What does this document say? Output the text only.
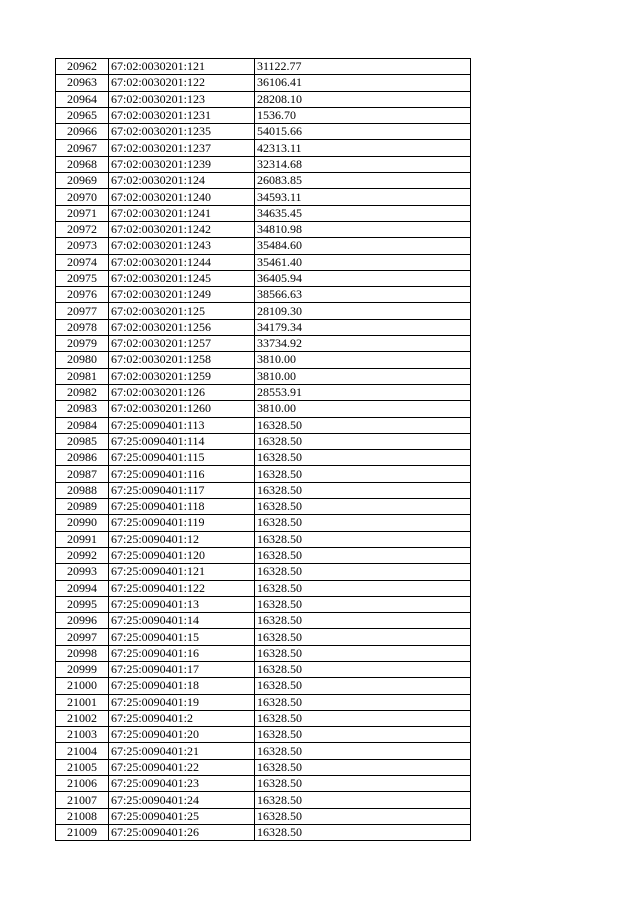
20962	67:02:0030201:121	31122.77
20963	67:02:0030201:122	36106.41
20964	67:02:0030201:123	28208.10
20965	67:02:0030201:1231	1536.70
20966	67:02:0030201:1235	54015.66
20967	67:02:0030201:1237	42313.11
20968	67:02:0030201:1239	32314.68
20969	67:02:0030201:124	26083.85
20970	67:02:0030201:1240	34593.11
20971	67:02:0030201:1241	34635.45
20972	67:02:0030201:1242	34810.98
20973	67:02:0030201:1243	35484.60
20974	67:02:0030201:1244	35461.40
20975	67:02:0030201:1245	36405.94
20976	67:02:0030201:1249	38566.63
20977	67:02:0030201:125	28109.30
20978	67:02:0030201:1256	34179.34
20979	67:02:0030201:1257	33734.92
20980	67:02:0030201:1258	3810.00
20981	67:02:0030201:1259	3810.00
20982	67:02:0030201:126	28553.91
20983	67:02:0030201:1260	3810.00
20984	67:25:0090401:113	16328.50
20985	67:25:0090401:114	16328.50
20986	67:25:0090401:115	16328.50
20987	67:25:0090401:116	16328.50
20988	67:25:0090401:117	16328.50
20989	67:25:0090401:118	16328.50
20990	67:25:0090401:119	16328.50
20991	67:25:0090401:12	16328.50
20992	67:25:0090401:120	16328.50
20993	67:25:0090401:121	16328.50
20994	67:25:0090401:122	16328.50
20995	67:25:0090401:13	16328.50
20996	67:25:0090401:14	16328.50
20997	67:25:0090401:15	16328.50
20998	67:25:0090401:16	16328.50
20999	67:25:0090401:17	16328.50
21000	67:25:0090401:18	16328.50
21001	67:25:0090401:19	16328.50
21002	67:25:0090401:2	16328.50
21003	67:25:0090401:20	16328.50
21004	67:25:0090401:21	16328.50
21005	67:25:0090401:22	16328.50
21006	67:25:0090401:23	16328.50
21007	67:25:0090401:24	16328.50
21008	67:25:0090401:25	16328.50
21009	67:25:0090401:26	16328.50
